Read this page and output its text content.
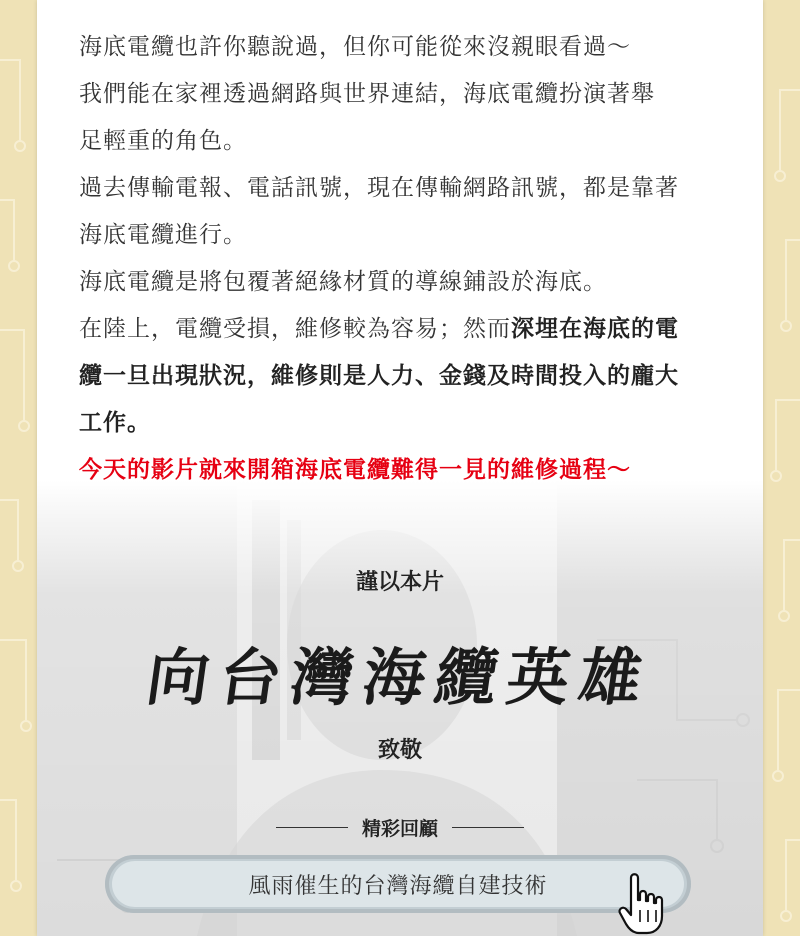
海底電纜也許你聽說過，但你可能從來沒親眼看過～

我們能在家裡透過網路與世界連結，海底電纜扮演著舉

足輕重的角色。

過去傳輸電報、電話訊號，現在傳輸網路訊號，都是靠著

海底電纜進行。

海底電纜是將包覆著絕緣材質的導線鋪設於海底。

在陸上，電纜受損，維修較為容易；然而深埋在海底的電

纜一旦出現狀況，維修則是人力、金錢及時間投入的龐大

工作。

今天的影片就來開箱海底電纜難得一見的維修過程～

謹以本片
向台灣海纜英雄
致敬
精彩回顧
風雨催生的台灣海纜自建技術
